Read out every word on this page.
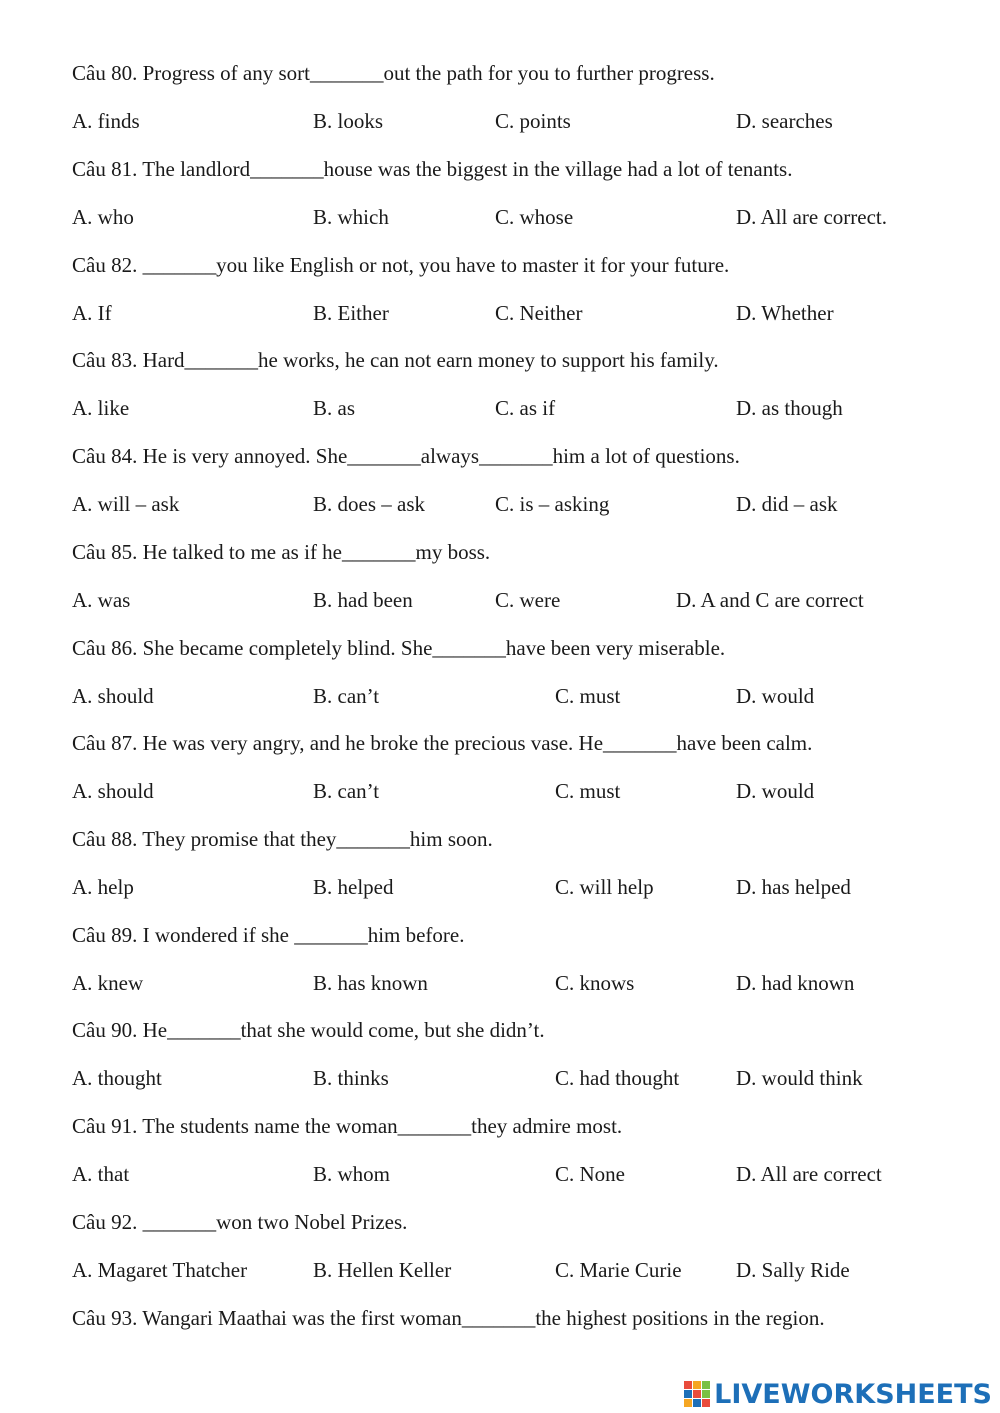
Câu 80. Progress of any sort_______out the path for you to further progress.
A. finds	B. looks	C. points	D. searches
Câu 81. The landlord_______house was the biggest in the village had a lot of tenants.
A. who	B. which	C. whose	D. All are correct.
Câu 82. _______you like English or not, you have to master it for your future.
A. If	B. Either	C. Neither	D. Whether
Câu 83. Hard_______he works, he can not earn money to support his family.
A. like	B. as	C. as if	D. as though
Câu 84. He is very annoyed. She_______always_______him a lot of questions.
A. will – ask	B. does – ask	C. is – asking	D. did – ask
Câu 85. He talked to me as if he_______my boss.
A. was	B. had been	C. were	D. A and C are correct
Câu 86. She became completely blind. She_______have been very miserable.
A. should	B. can’t	C. must	D. would
Câu 87. He was very angry, and he broke the precious vase. He_______have been calm.
A. should	B. can’t	C. must	D. would
Câu 88. They promise that they_______him soon.
A. help	B. helped	C. will help	D. has helped
Câu 89. I wondered if she _______him before.
A. knew	B. has known	C. knows	D. had known
Câu 90. He_______that she would come, but she didn’t.
A. thought	B. thinks	C. had thought	D. would think
Câu 91. The students name the woman_______they admire most.
A. that	B. whom	C. None	D. All are correct
Câu 92. _______won two Nobel Prizes.
A. Magaret Thatcher	B. Hellen Keller	C. Marie Curie	D. Sally Ride
Câu 93. Wangari Maathai was the first woman_______the highest positions in the region.
LIVEWORKSHEETS
